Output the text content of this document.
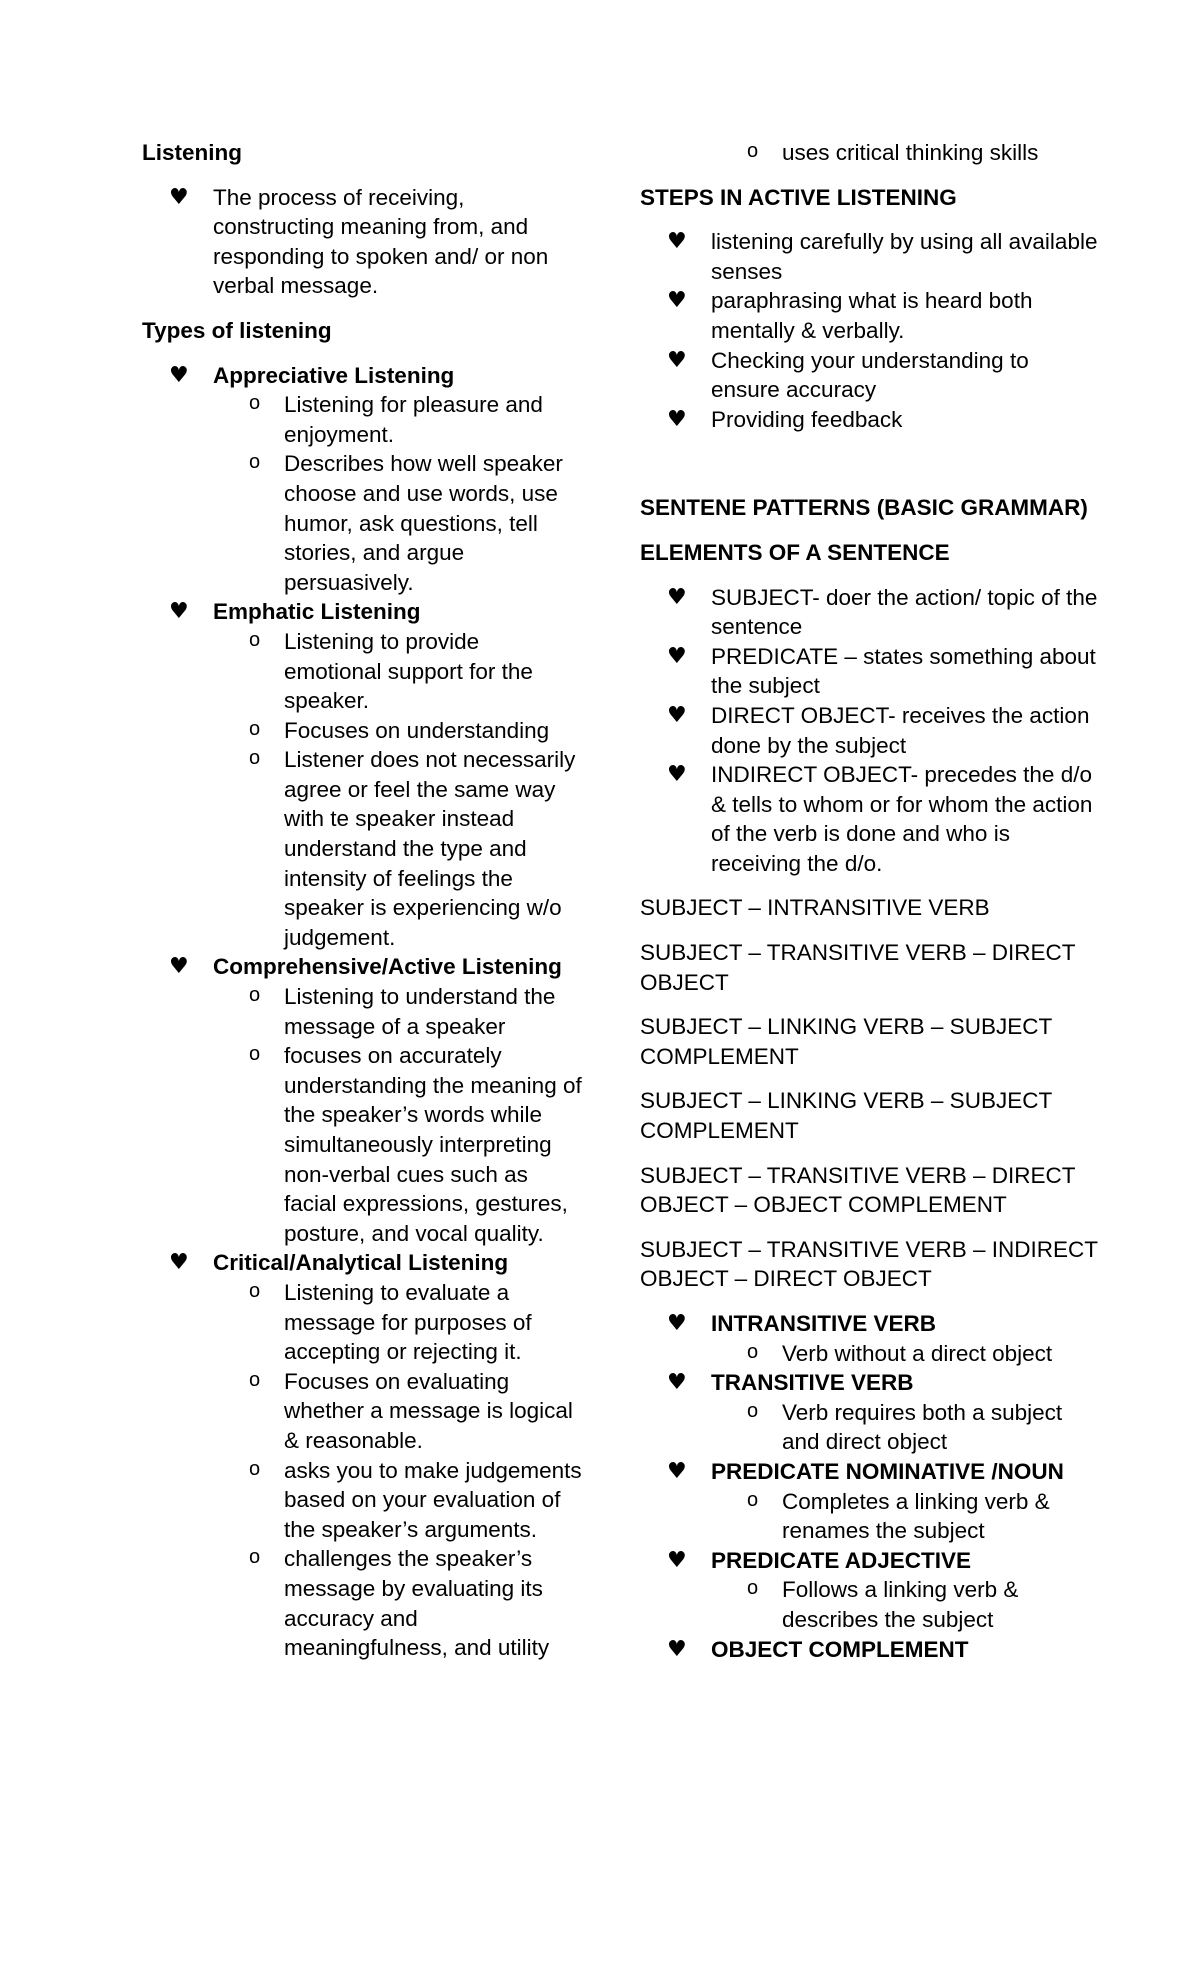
Listening
♥ The process of receiving, constructing meaning from, and responding to spoken and/ or non verbal message.
Types of listening
♥ Appreciative Listening
o Listening for pleasure and enjoyment.
o Describes how well speaker choose and use words, use humor, ask questions, tell stories, and argue persuasively.
♥ Emphatic Listening
o Listening to provide emotional support for the speaker.
o Focuses on understanding
o Listener does not necessarily agree or feel the same way with te speaker instead understand the type and intensity of feelings the speaker is experiencing w/o judgement.
♥ Comprehensive/Active Listening
o Listening to understand the message of a speaker
o focuses on accurately understanding the meaning of the speaker’s words while simultaneously interpreting non-verbal cues such as facial expressions, gestures, posture, and vocal quality.
♥ Critical/Analytical Listening
o Listening to evaluate a message for purposes of accepting or rejecting it.
o Focuses on evaluating whether a message is logical & reasonable.
o asks you to make judgements based on your evaluation of the speaker’s arguments.
o challenges the speaker’s message by evaluating its accuracy and meaningfulness, and utility
o uses critical thinking skills
STEPS IN ACTIVE LISTENING
♥ listening carefully by using all available senses
♥ paraphrasing what is heard both mentally & verbally.
♥ Checking your understanding to ensure accuracy
♥ Providing feedback
SENTENE PATTERNS (BASIC GRAMMAR)
ELEMENTS OF A SENTENCE
♥ SUBJECT- doer the action/ topic of the sentence
♥ PREDICATE – states something about the subject
♥ DIRECT OBJECT- receives the action done by the subject
♥ INDIRECT OBJECT- precedes the d/o & tells to whom or for whom the action of the verb is done and who is receiving the d/o.
SUBJECT – INTRANSITIVE VERB
SUBJECT – TRANSITIVE VERB – DIRECT OBJECT
SUBJECT – LINKING VERB – SUBJECT COMPLEMENT
SUBJECT – LINKING VERB – SUBJECT COMPLEMENT
SUBJECT – TRANSITIVE VERB – DIRECT OBJECT – OBJECT COMPLEMENT
SUBJECT – TRANSITIVE VERB – INDIRECT OBJECT – DIRECT OBJECT
♥ INTRANSITIVE VERB
o Verb without a direct object
♥ TRANSITIVE VERB
o Verb requires both a subject and direct object
♥ PREDICATE NOMINATIVE /NOUN
o Completes a linking verb & renames the subject
♥ PREDICATE ADJECTIVE
o Follows a linking verb & describes the subject
♥ OBJECT COMPLEMENT
